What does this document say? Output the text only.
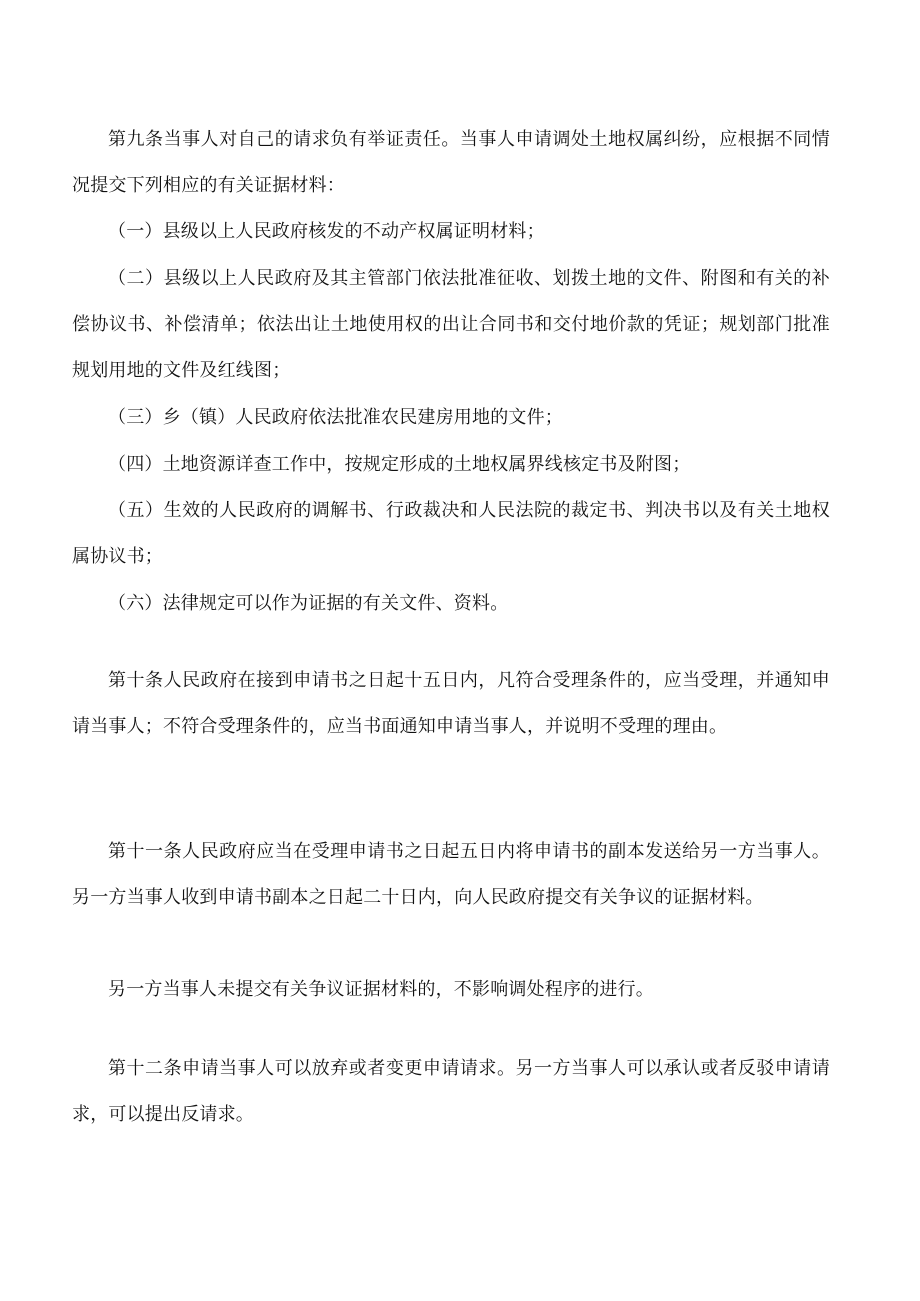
第九条当事人对自己的请求负有举证责任。当事人申请调处土地权属纠纷，应根据不同情况提交下列相应的有关证据材料：

（一）县级以上人民政府核发的不动产权属证明材料；

（二）县级以上人民政府及其主管部门依法批准征收、划拨土地的文件、附图和有关的补偿协议书、补偿清单；依法出让土地使用权的出让合同书和交付地价款的凭证；规划部门批准规划用地的文件及红线图；

（三）乡（镇）人民政府依法批准农民建房用地的文件；

（四）土地资源详查工作中，按规定形成的土地权属界线核定书及附图；

（五）生效的人民政府的调解书、行政裁决和人民法院的裁定书、判决书以及有关土地权属协议书；

（六）法律规定可以作为证据的有关文件、资料。

第十条人民政府在接到申请书之日起十五日内，凡符合受理条件的，应当受理，并通知申请当事人；不符合受理条件的，应当书面通知申请当事人，并说明不受理的理由。

第十一条人民政府应当在受理申请书之日起五日内将申请书的副本发送给另一方当事人。另一方当事人收到申请书副本之日起二十日内，向人民政府提交有关争议的证据材料。

另一方当事人未提交有关争议证据材料的，不影响调处程序的进行。

第十二条申请当事人可以放弃或者变更申请请求。另一方当事人可以承认或者反驳申请请求，可以提出反请求。
